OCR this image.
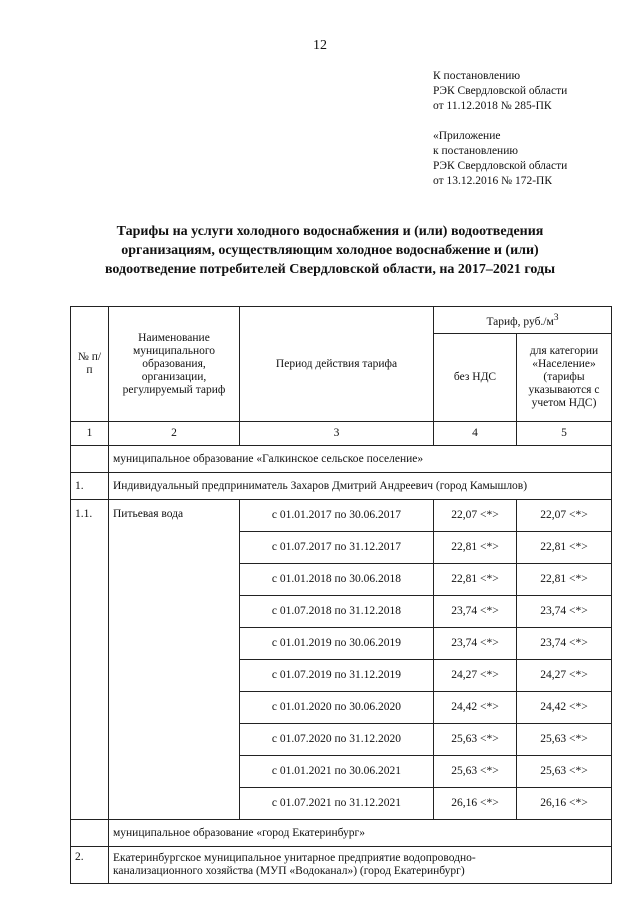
12
К постановлению
РЭК Свердловской области
от 11.12.2018 № 285-ПК
«Приложение
к постановлению
РЭК Свердловской области
от 13.12.2016 № 172-ПК
Тарифы на услуги холодного водоснабжения и (или) водоотведения
организациям, осуществляющим холодное водоснабжение и (или)
водоотведение потребителей Свердловской области, на 2017–2021 годы
№ п/п	Наименование муниципального образования, организации, регулируемый тариф	Период действия тарифа	Тариф, $руб./м^3$
			без НДС	для категории «Население» (тарифы указываются с учетом НДС)
1	2	3	4	5
	муниципальное образование «Галкинское сельское поселение»			
1.	Индивидуальный предприниматель Захаров Дмитрий Андреевич (город Камышлов)			
1.1.	Питьевая вода	с 01.01.2017 по 30.06.2017	22,07 <*>	22,07 <*>
		с 01.07.2017 по 31.12.2017	22,81 <*>	22,81 <*>
		с 01.01.2018 по 30.06.2018	22,81 <*>	22,81 <*>
		с 01.07.2018 по 31.12.2018	23,74 <*>	23,74 <*>
		с 01.01.2019 по 30.06.2019	23,74 <*>	23,74 <*>
		с 01.07.2019 по 31.12.2019	24,27 <*>	24,27 <*>
		с 01.01.2020 по 30.06.2020	24,42 <*>	24,42 <*>
		с 01.07.2020 по 31.12.2020	25,63 <*>	25,63 <*>
		с 01.01.2021 по 30.06.2021	25,63 <*>	25,63 <*>
		с 01.07.2021 по 31.12.2021	26,16 <*>	26,16 <*>
	муниципальное образование «город Екатеринбург»			
2.	Екатеринбургское муниципальное унитарное предприятие водопроводно-
канализационного хозяйства (МУП «Водоканал») (город Екатеринбург)			
